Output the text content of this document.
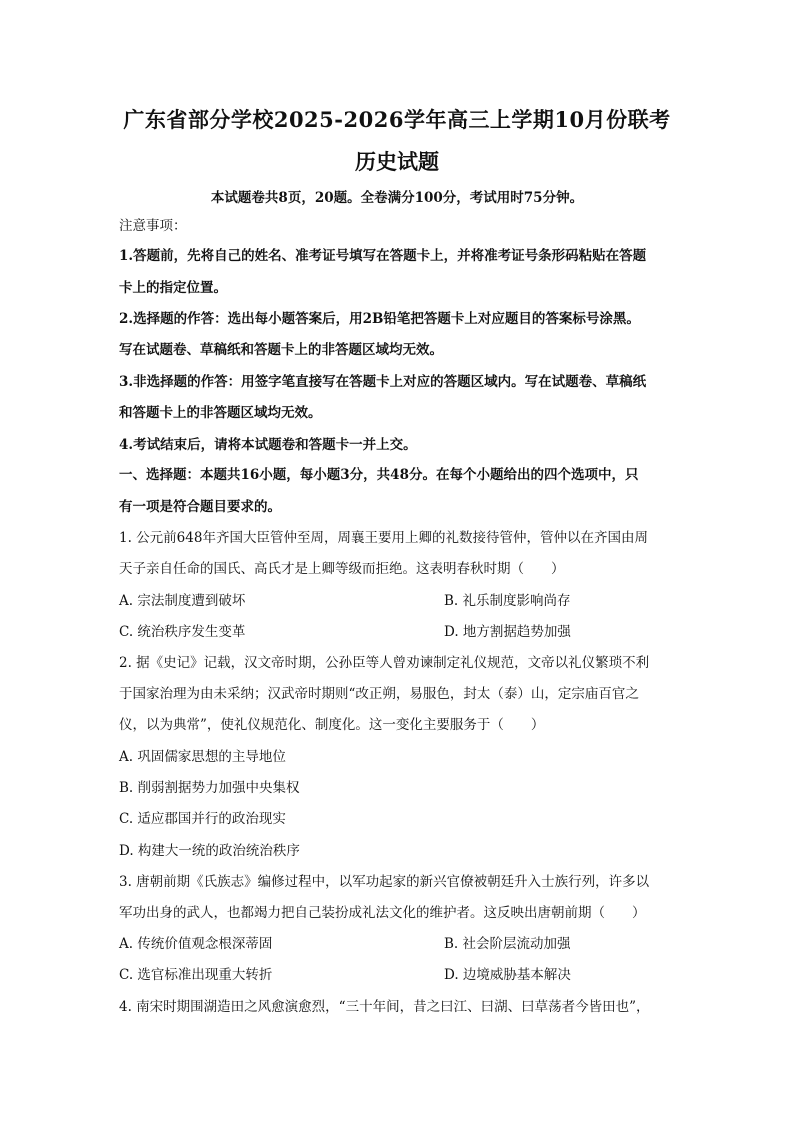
广东省部分学校2025-2026学年高三上学期10月份联考
历史试题
本试题卷共8页，20题。全卷满分100分，考试用时75分钟。
注意事项：
1.答题前，先将自己的姓名、准考证号填写在答题卡上，并将准考证号条形码粘贴在答题
卡上的指定位置。
2.选择题的作答：选出每小题答案后，用2B铅笔把答题卡上对应题目的答案标号涂黑。
写在试题卷、草稿纸和答题卡上的非答题区域均无效。
3.非选择题的作答：用签字笔直接写在答题卡上对应的答题区域内。写在试题卷、草稿纸
和答题卡上的非答题区域均无效。
4.考试结束后，请将本试题卷和答题卡一并上交。
一、选择题：本题共16小题，每小题3分，共48分。在每个小题给出的四个选项中，只
有一项是符合题目要求的。
1. 公元前648年齐国大臣管仲至周，周襄王要用上卿的礼数接待管仲，管仲以在齐国由周
天子亲自任命的国氏、高氏才是上卿等级而拒绝。这表明春秋时期（　　）
A. 宗法制度遭到破坏	B. 礼乐制度影响尚存
C. 统治秩序发生变革	D. 地方割据趋势加强
2. 据《史记》记载，汉文帝时期，公孙臣等人曾劝谏制定礼仪规范，文帝以礼仪繁琐不利
于国家治理为由未采纳；汉武帝时期则“改正朔，易服色，封太（泰）山，定宗庙百官之
仪，以为典常”，使礼仪规范化、制度化。这一变化主要服务于（　　）
A. 巩固儒家思想的主导地位
B. 削弱割据势力加强中央集权
C. 适应郡国并行的政治现实
D. 构建大一统的政治统治秩序
3. 唐朝前期《氏族志》编修过程中，以军功起家的新兴官僚被朝廷升入士族行列，许多以
军功出身的武人，也都竭力把自己装扮成礼法文化的维护者。这反映出唐朝前期（　　）
A. 传统价值观念根深蒂固	B. 社会阶层流动加强
C. 选官标准出现重大转折	D. 边境威胁基本解决
4. 南宋时期围湖造田之风愈演愈烈，“三十年间，昔之曰江、曰湖、曰草荡者今皆田也”，
